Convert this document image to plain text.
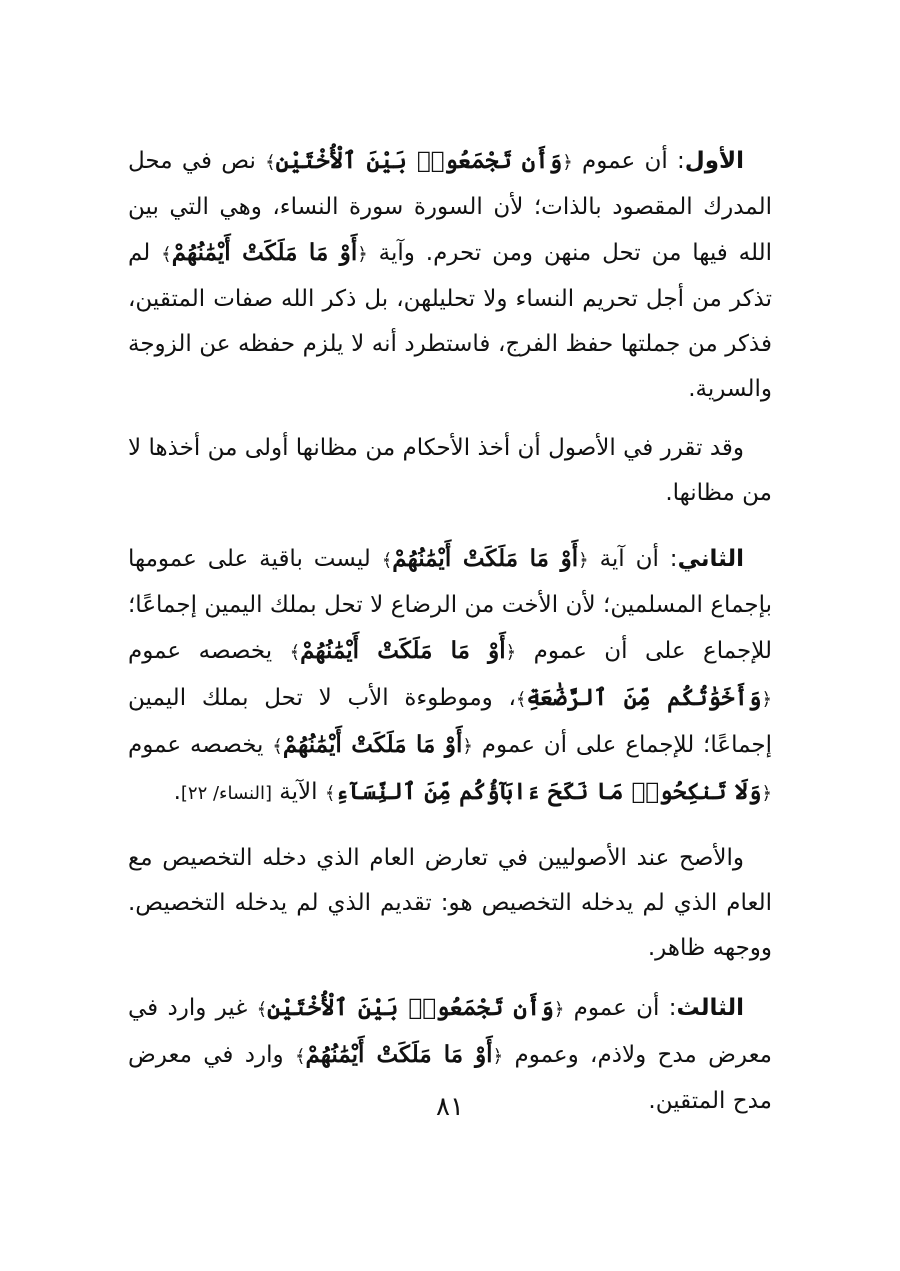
الأول: أن عموم ﴿وَأَن تَجْمَعُوا۟ بَيْنَ ٱلْأُخْتَيْنِ﴾ نص في محل المدرك المقصود بالذات؛ لأن السورة سورة النساء، وهي التي بين الله فيها من تحل منهن ومن تحرم. وآية ﴿أَوْ مَا مَلَكَتْ أَيْمَٰنُهُمْ﴾ لم تذكر من أجل تحريم النساء ولا تحليلهن، بل ذكر الله صفات المتقين، فذكر من جملتها حفظ الفرج، فاستطرد أنه لا يلزم حفظه عن الزوجة والسرية.

وقد تقرر في الأصول أن أخذ الأحكام من مظانها أولى من أخذها لا من مظانها.

الثاني: أن آية ﴿أَوْ مَا مَلَكَتْ أَيْمَٰنُهُمْ﴾ ليست باقية على عمومها بإجماع المسلمين؛ لأن الأخت من الرضاع لا تحل بملك اليمين إجماعًا؛ للإجماع على أن عموم ﴿أَوْ مَا مَلَكَتْ أَيْمَٰنُهُمْ﴾ يخصصه عموم ﴿وَأَخَوَٰتُكُم مِّنَ ٱلرَّضَٰعَةِ﴾، وموطوءة الأب لا تحل بملك اليمين إجماعًا؛ للإجماع على أن عموم ﴿أَوْ مَا مَلَكَتْ أَيْمَٰنُهُمْ﴾ يخصصه عموم ﴿وَلَا تَنكِحُوا۟ مَا نَكَحَ ءَابَآؤُكُم مِّنَ ٱلنِّسَآءِ﴾ الآية [النساء/ ٢٢].

والأصح عند الأصوليين في تعارض العام الذي دخله التخصيص مع العام الذي لم يدخله التخصيص هو: تقديم الذي لم يدخله التخصيص. ووجهه ظاهر.

الثالث: أن عموم ﴿وَأَن تَجْمَعُوا۟ بَيْنَ ٱلْأُخْتَيْنِ﴾ غير وارد في معرض مدح ولاذم، وعموم ﴿أَوْ مَا مَلَكَتْ أَيْمَٰنُهُمْ﴾ وارد في معرض مدح المتقين.

٨١
